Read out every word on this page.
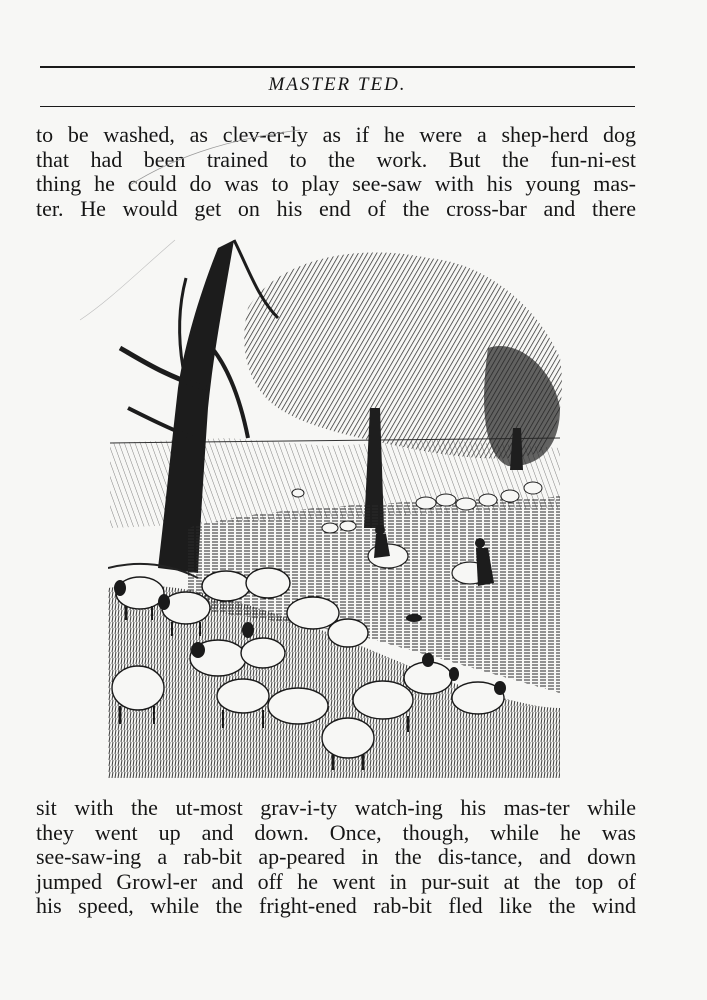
MASTER TED.
to be washed, as clev-er-ly as if he were a shep-herd dog
that had been trained to the work. But the fun-ni-est
thing he could do was to play see-saw with his young mas-
ter. He would get on his end of the cross-bar and there
sit with the ut-most grav-i-ty watch-ing his mas-ter while
they went up and down. Once, though, while he was
see-saw-ing a rab-bit ap-peared in the dis-tance, and down
jumped Growl-er and off he went in pur-suit at the top of
his speed, while the fright-ened rab-bit fled like the wind
